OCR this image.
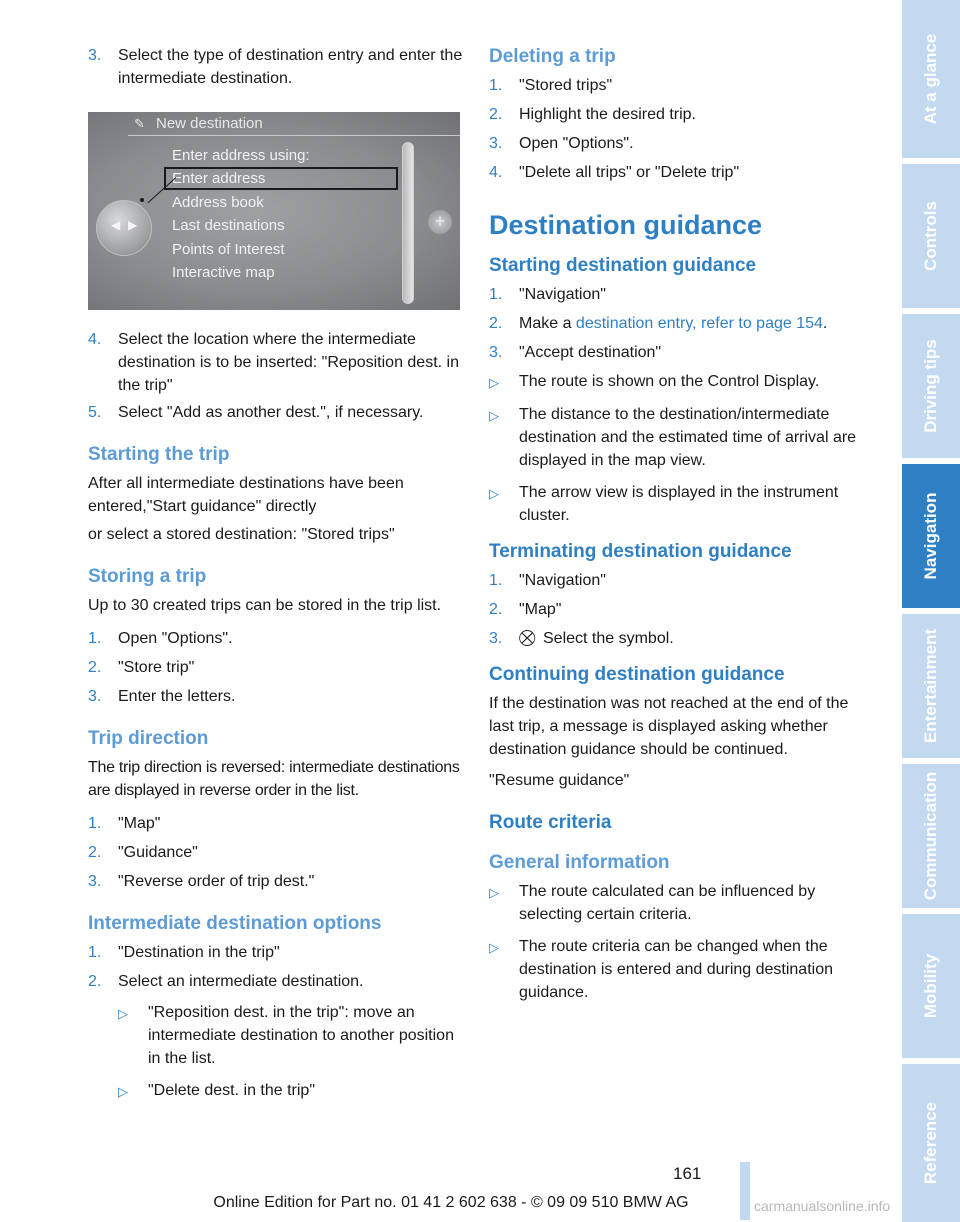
3.	Select the type of destination entry and enter the intermediate destination.
✎ New destination
Enter address using:
Enter address
Address book
Last destinations
Points of Interest
Interactive map
◀ ▶	+
4.	Select the location where the intermediate destination is to be inserted: "Reposition dest. in the trip"
5.	Select "Add as another dest.", if necessary.
Starting the trip

After all intermediate destinations have been entered,"Start guidance" directly

or select a stored destination: "Stored trips"

Storing a trip

Up to 30 created trips can be stored in the trip list.

1.	Open "Options".
2.	"Store trip"
3.	Enter the letters.
Trip direction

The trip direction is reversed: intermediate destinations are displayed in reverse order in the list.

1.	"Map"
2.	"Guidance"
3.	"Reverse order of trip dest."
Intermediate destination options
1.	"Destination in the trip"
2.	Select an intermediate destination.
▷	"Reposition dest. in the trip": move an intermediate destination to another position in the list.
▷	"Delete dest. in the trip"
Deleting a trip
1.	"Stored trips"
2.	Highlight the desired trip.
3.	Open "Options".
4.	"Delete all trips" or "Delete trip"
Destination guidance
Starting destination guidance
1.	"Navigation"
2.	Make a destination entry, refer to page 154.
3.	"Accept destination"
▷	The route is shown on the Control Display.
▷	The distance to the destination/intermediate destination and the estimated time of arrival are displayed in the map view.
▷	The arrow view is displayed in the instrument cluster.
Terminating destination guidance
1.	"Navigation"
2.	"Map"
3.	⛒ Select the symbol.
Continuing destination guidance

If the destination was not reached at the end of the last trip, a message is displayed asking whether destination guidance should be continued.

"Resume guidance"

Route criteria
General information
▷	The route calculated can be influenced by selecting certain criteria.
▷	The route criteria can be changed when the destination is entered and during destination guidance.
At a glance
Controls
Driving tips
Navigation
Entertainment
Communication
Mobility
Reference
161
Online Edition for Part no. 01 41 2 602 638 - © 09 09 510 BMW AG	carmanualsonline.info
